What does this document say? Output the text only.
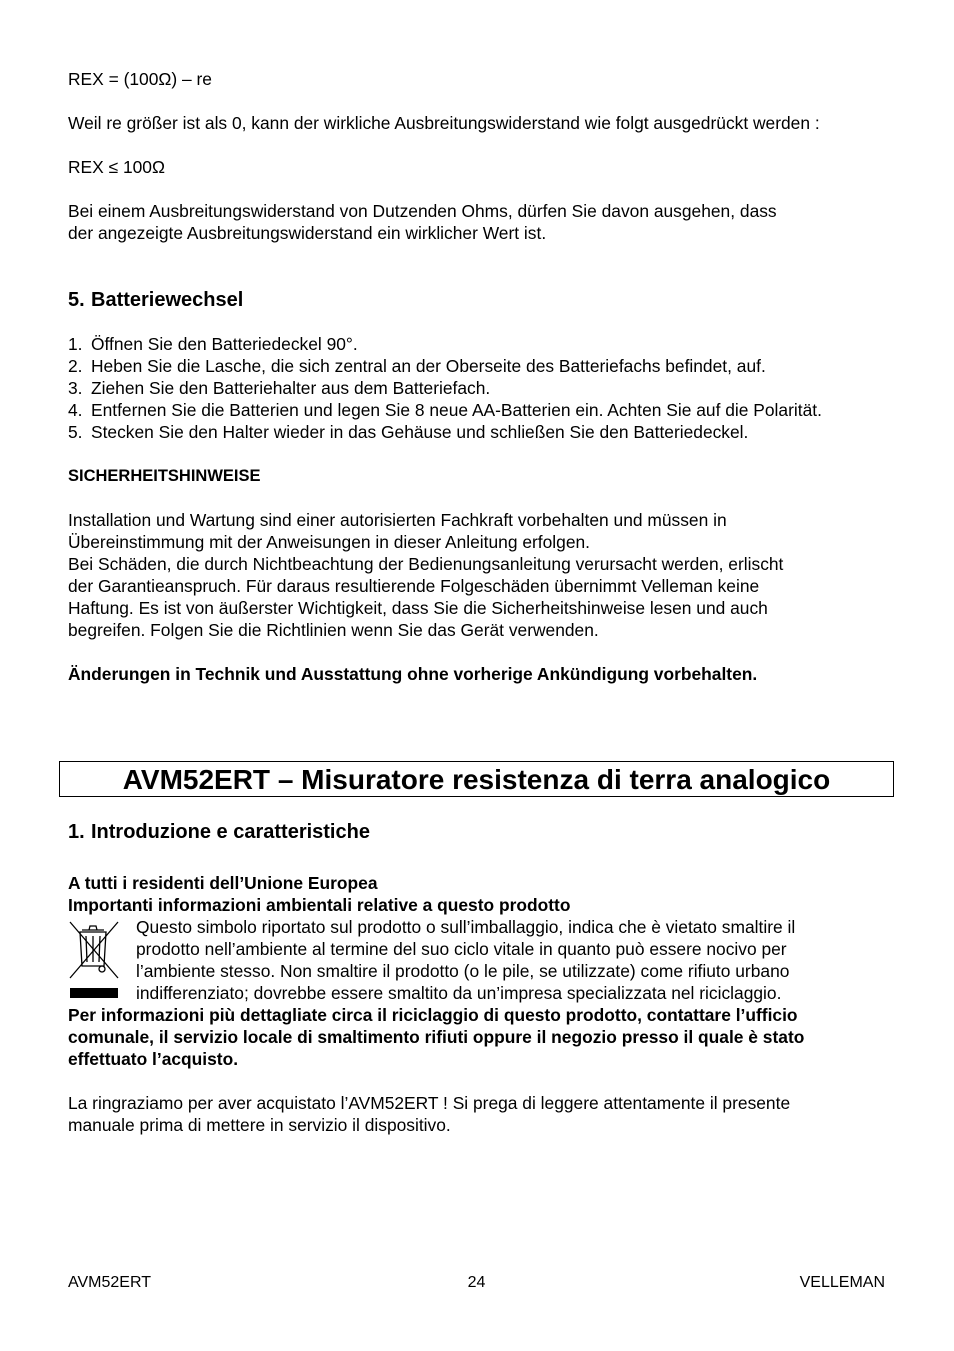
REX = (100Ω) – re

Weil re größer ist als 0, kann der wirkliche Ausbreitungswiderstand wie folgt ausgedrückt werden :

REX ≤ 100Ω

Bei einem Ausbreitungswiderstand von Dutzenden Ohms, dürfen Sie davon ausgehen, dass
der angezeigte Ausbreitungswiderstand ein wirklicher Wert ist.

5. Batteriewechsel
1. Öffnen Sie den Batteriedeckel 90°.
2. Heben Sie die Lasche, die sich zentral an der Oberseite des Batteriefachs befindet, auf.
3. Ziehen Sie den Batteriehalter aus dem Batteriefach.
4. Entfernen Sie die Batterien und legen Sie 8 neue AA-Batterien ein. Achten Sie auf die Polarität.
5. Stecken Sie den Halter wieder in das Gehäuse und schließen Sie den Batteriedeckel.

SICHERHEITSHINWEISE

Installation und Wartung sind einer autorisierten Fachkraft vorbehalten und müssen in
Übereinstimmung mit der Anweisungen in dieser Anleitung erfolgen.
Bei Schäden, die durch Nichtbeachtung der Bedienungsanleitung verursacht werden, erlischt
der Garantieanspruch. Für daraus resultierende Folgeschäden übernimmt Velleman keine
Haftung. Es ist von äußerster Wichtigkeit, dass Sie die Sicherheitshinweise lesen und auch
begreifen. Folgen Sie die Richtlinien wenn Sie das Gerät verwenden.

Änderungen in Technik und Ausstattung ohne vorherige Ankündigung vorbehalten.

AVM52ERT – Misuratore resistenza di terra analogico
1. Introduzione e caratteristiche

A tutti i residenti dell’Unione Europea

Importanti informazioni ambientali relative a questo prodotto

Questo simbolo riportato sul prodotto o sull’imballaggio, indica che è vietato smaltire il
prodotto nell’ambiente al termine del suo ciclo vitale in quanto può essere nocivo per
l’ambiente stesso. Non smaltire il prodotto (o le pile, se utilizzate) come rifiuto urbano
indifferenziato; dovrebbe essere smaltito da un’impresa specializzata nel riciclaggio.

Per informazioni più dettagliate circa il riciclaggio di questo prodotto, contattare l’ufficio
comunale, il servizio locale di smaltimento rifiuti oppure il negozio presso il quale è stato
effettuato l’acquisto.

La ringraziamo per aver acquistato l’AVM52ERT ! Si prega di leggere attentamente il presente
manuale prima di mettere in servizio il dispositivo.

AVM52ERT	24	VELLEMAN
